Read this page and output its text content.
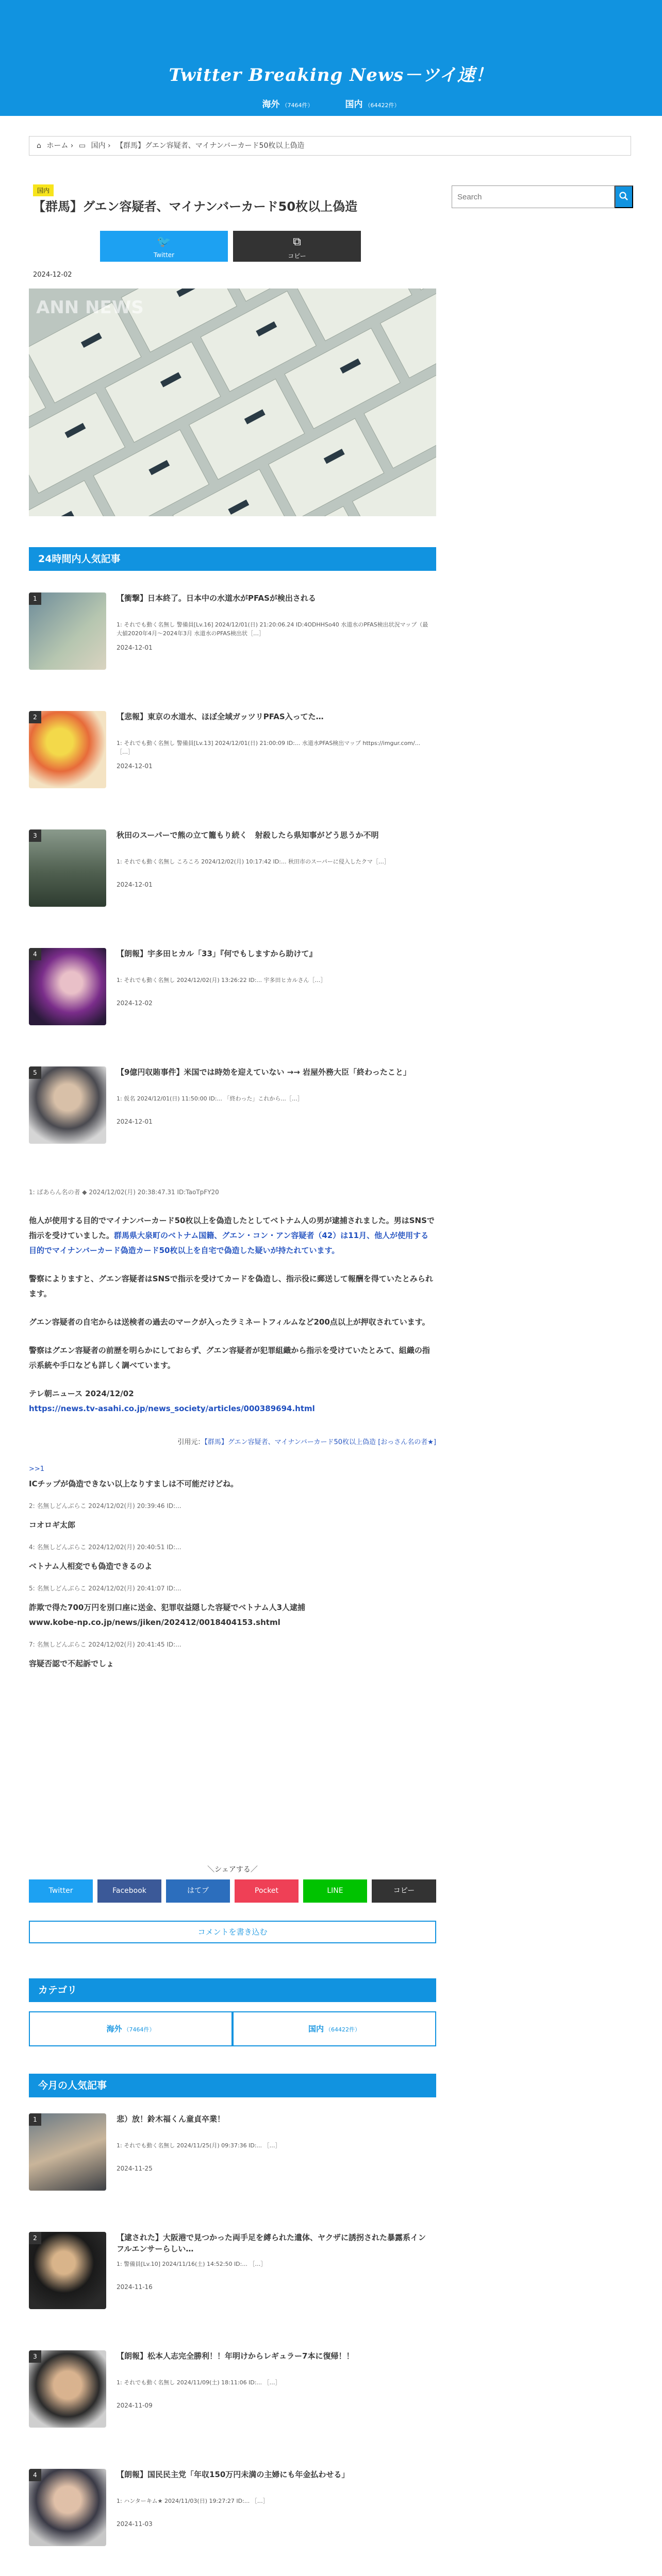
Twitter Breaking News－ツイ速！
海外 （7464件）	国内 （64422件）
⌂ ホーム › ▭ 国内 › 【群馬】グエン容疑者、マイナンバーカード50枚以上偽造
国内
【群馬】グエン容疑者、マイナンバーカード50枚以上偽造
🐦
Twitter
⧉
コピー
2024-12-02
ANN NEWS
24時間内人気記事
1	【衝撃】日本終了。日本中の水道水がPFASが検出される
1: それでも動く名無し 警備員[Lv.16] 2024/12/01(日) 21:20:06.24 ID:4ODHHSo40 水道水のPFAS検出状況マップ（最大値2020年4月〜2024年3月 水道水のPFAS検出状［…］
2024-12-01
2	【悲報】東京の水道水、ほぼ全域ガッツリPFAS入ってた…
1: それでも動く名無し 警備員[Lv.13] 2024/12/01(日) 21:00:09 ID:... 水道水PFAS検出マップ https://imgur.com/...［…］
2024-12-01
3	秋田のスーパーで熊の立て籠もり続く　射殺したら県知事がどう思うか不明
1: それでも動く名無し ころころ 2024/12/02(月) 10:17:42 ID:... 秋田市のスーパーに侵入したクマ［…］
2024-12-01
4	【朗報】宇多田ヒカル「33」『何でもしますから助けて』
1: それでも動く名無し 2024/12/02(月) 13:26:22 ID:... 宇多田ヒカルさん［…］
2024-12-02
5	【9億円収賄事件】米国では時効を迎えていない →→ 岩屋外務大臣「終わったこと」
1: 仮名 2024/12/01(日) 11:50:00 ID:... 「終わった」これから...［…］
2024-12-01
1: ばあらん名の者 ◆ 2024/12/02(月) 20:38:47.31 ID:TaoTpFY20

他人が使用する目的でマイナンバーカード50枚以上を偽造したとしてベトナム人の男が逮捕されました。男はSNSで指示を受けていました。群馬県大泉町のベトナム国籍、グエン・コン・アン容疑者（42）は11月、他人が使用する目的でマイナンバーカード偽造カード50枚以上を自宅で偽造した疑いが持たれています。

警察によりますと、グエン容疑者はSNSで指示を受けてカードを偽造し、指示役に郵送して報酬を得ていたとみられます。

グエン容疑者の自宅からは送検者の過去のマークが入ったラミネートフィルムなど200点以上が押収されています。

警察はグエン容疑者の前歴を明らかにしておらず、グエン容疑者が犯罪組織から指示を受けていたとみて、組織の指示系統や手口なども詳しく調べています。

テレ朝ニュース 2024/12/02

https://news.tv-asahi.co.jp/news_society/articles/000389694.html

引用元：【群馬】グエン容疑者、マイナンバーカード50枚以上偽造 [おっさん名の者★]

>>1

ICチップが偽造できない以上なりすましは不可能だけどね。

2: 名無しどんぶらこ 2024/12/02(月) 20:39:46 ID:...

コオロギ太郎

4: 名無しどんぶらこ 2024/12/02(月) 20:40:51 ID:...

ベトナム人相変でも偽造できるのよ

5: 名無しどんぶらこ 2024/12/02(月) 20:41:07 ID:...

詐欺で得た700万円を別口座に送金、犯罪収益隠した容疑でベトナム人3人逮捕

www.kobe-np.co.jp/news/jiken/202412/0018404153.shtml

7: 名無しどんぶらこ 2024/12/02(月) 20:41:45 ID:...

容疑否認で不起訴でしょ

＼シェアする／
Twitter	Facebook	はてブ	Pocket	LINE	コピー
コメントを書き込む
カテゴリ
海外 （7464件）	国内 （64422件）
今月の人気記事
1	悲）放！鈴木福くん童貞卒業！
1: それでも動く名無し 2024/11/25(月) 09:37:36 ID:... ［…］
2024-11-25
2	【逮された】大阪港で見つかった両手足を縛られた遺体、ヤクザに誘拐された暴露系インフルエンサーらしい…
1: 警備員[Lv.10] 2024/11/16(土) 14:52:50 ID:... ［…］
2024-11-16
3	【朗報】松本人志完全勝利！！年明けからレギュラー7本に復帰！！
1: それでも動く名無し 2024/11/09(土) 18:11:06 ID:... ［…］
2024-11-09
4	【朗報】国民民主党「年収150万円未満の主婦にも年金払わせる」
1: ハンターキム★ 2024/11/03(日) 19:27:27 ID:... ［…］
2024-11-03
Search
